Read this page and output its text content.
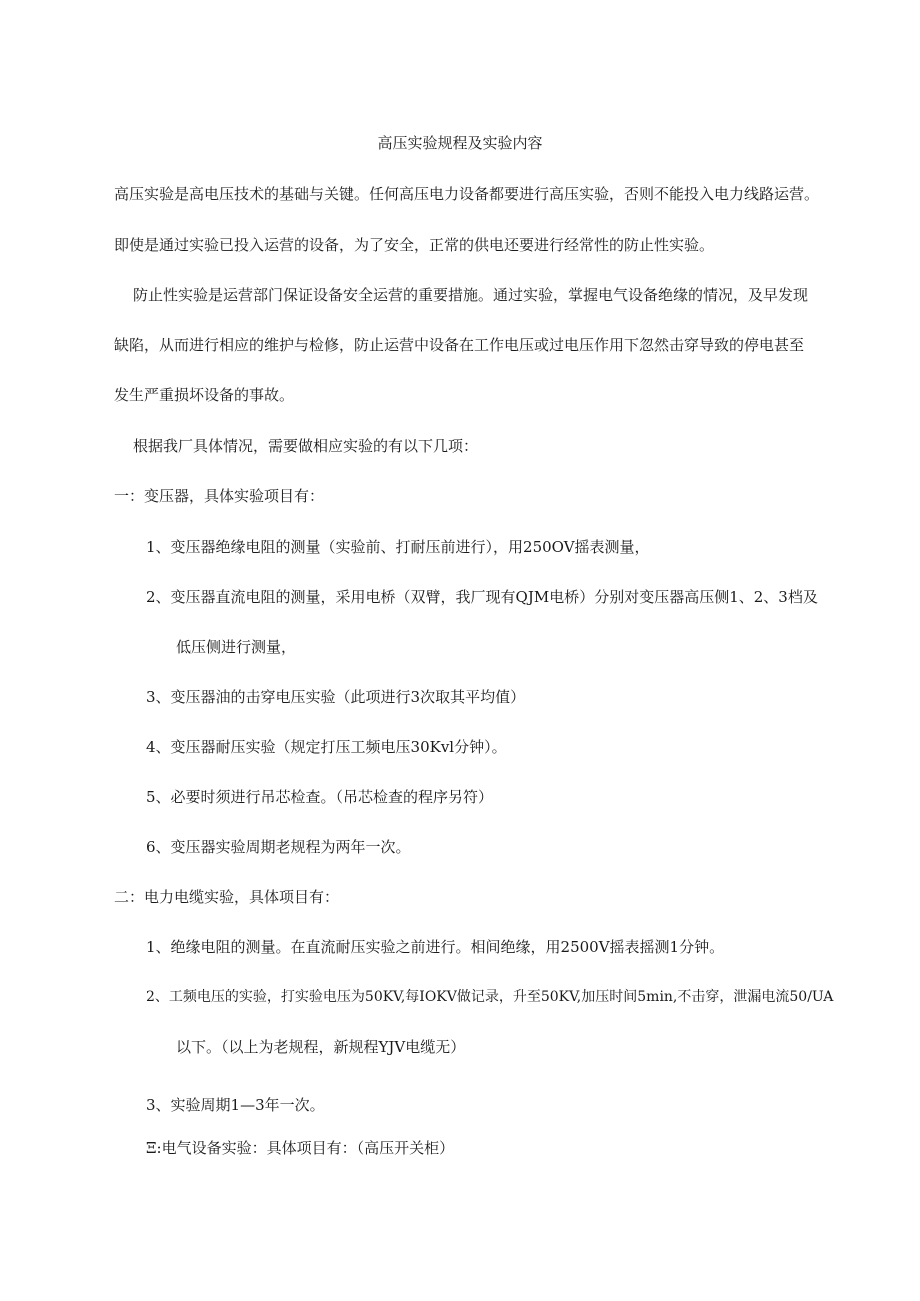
高压实验规程及实验内容
高压实验是高电压技术的基础与关键。任何高压电力设备都要进行高压实验，否则不能投入电力线路运营。
即使是通过实验已投入运营的设备，为了安全，正常的供电还要进行经常性的防止性实验。
防止性实验是运营部门保证设备安全运营的重要措施。通过实验，掌握电气设备绝缘的情况，及早发现
缺陷，从而进行相应的维护与检修，防止运营中设备在工作电压或过电压作用下忽然击穿导致的停电甚至
发生严重损坏设备的事故。
根据我厂具体情况，需要做相应实验的有以下几项：
一：变压器，具体实验项目有：
1、变压器绝缘电阻的测量（实验前、打耐压前进行），用250OV摇表测量，
2、变压器直流电阻的测量，采用电桥（双臂，我厂现有QJM电桥）分别对变压器高压侧1、2、3档及
低压侧进行测量，
3、变压器油的击穿电压实验（此项进行3次取其平均值）
4、变压器耐压实验（规定打压工频电压30Kvl分钟）。
5、必要时须进行吊芯检查。（吊芯检查的程序另符）
6、变压器实验周期老规程为两年一次。
二：电力电缆实验，具体项目有：
1、绝缘电阻的测量。在直流耐压实验之前进行。相间绝缘，用2500V摇表摇测1分钟。
2、工频电压的实验，打实验电压为50KV,每IOKV做记录，升至50KV,加压时间5min,不击穿，泄漏电流50/UA
以下。（以上为老规程，新规程YJV电缆无）
3、实验周期1—3年一次。
Ξ:电气设备实验：具体项目有：（高压开关柜）
